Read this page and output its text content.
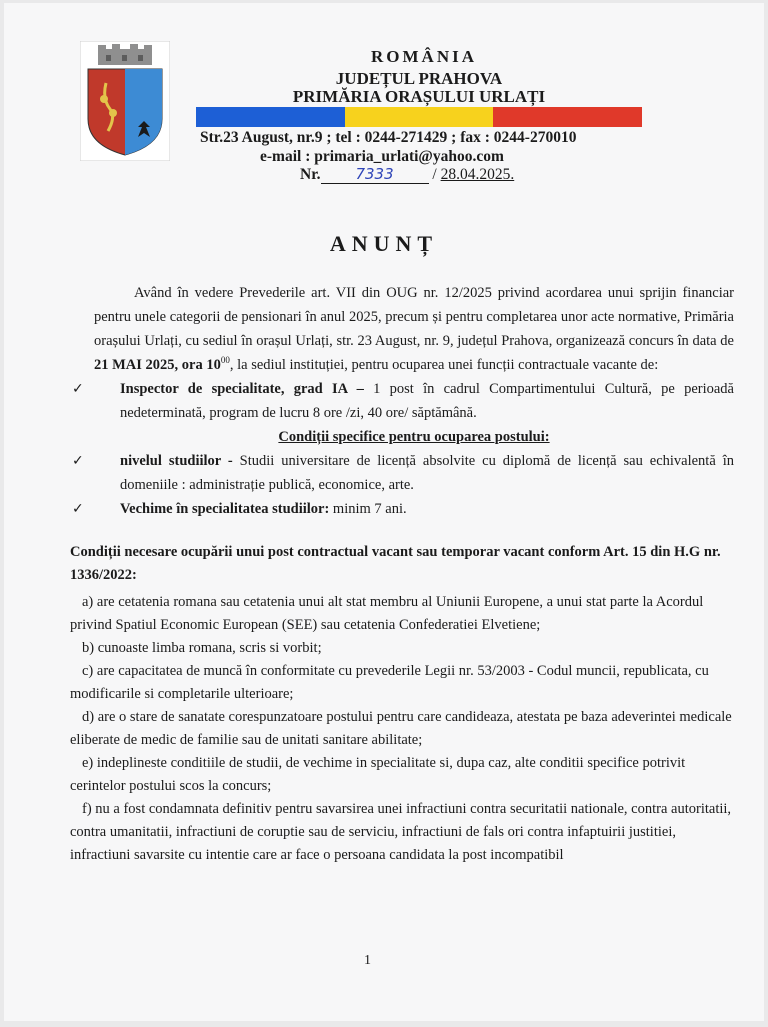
ROMÂNIA
JUDEȚUL PRAHOVA
PRIMĂRIA ORAȘULUI URLAȚI
Str.23 August, nr.9 ; tel : 0244-271429 ; fax : 0244-270010
e-mail : primaria_urlati@yahoo.com
Nr. 7333 / 28.04.2025.
ANUNȚ

Având în vedere Prevederile art. VII din OUG nr. 12/2025 privind acordarea unui sprijin financiar pentru unele categorii de pensionari în anul 2025, precum și pentru completarea unor acte normative, Primăria orașului Urlați, cu sediul în orașul Urlați, str. 23 August, nr. 9, județul Prahova, organizează concurs în data de 21 MAI 2025, ora $10^{00}$, la sediul instituției, pentru ocuparea unei funcții contractuale vacante de:

✓	Inspector de specialitate, grad IA – 1 post în cadrul Compartimentului Cultură, pe perioadă nedeterminată, program de lucru 8 ore /zi, 40 ore/ săptămână.

Condiții specifice pentru ocuparea postului:

✓	nivelul studiilor - Studii universitare de licență absolvite cu diplomă de licență sau echivalentă în domeniile : administrație publică, economice, arte.

✓	Vechime în specialitatea studiilor: minim 7 ani.

Condiții necesare ocupării unui post contractual vacant sau temporar vacant conform Art. 15 din H.G nr. 1336/2022:

a) are cetatenia romana sau cetatenia unui alt stat membru al Uniunii Europene, a unui stat parte la Acordul privind Spatiul Economic European (SEE) sau cetatenia Confederatiei Elvetiene;

b) cunoaste limba romana, scris si vorbit;

c) are capacitatea de muncă în conformitate cu prevederile Legii nr. 53/2003 - Codul muncii, republicata, cu modificarile si completarile ulterioare;

d) are o stare de sanatate corespunzatoare postului pentru care candideaza, atestata pe baza adeverintei medicale eliberate de medic de familie sau de unitati sanitare abilitate;

e) indeplineste conditiile de studii, de vechime in specialitate si, dupa caz, alte conditii specifice potrivit cerintelor postului scos la concurs;

f) nu a fost condamnata definitiv pentru savarsirea unei infractiuni contra securitatii nationale, contra autoritatii, contra umanitatii, infractiuni de coruptie sau de serviciu, infractiuni de fals ori contra infaptuirii justitiei, infractiuni savarsite cu intentie care ar face o persoana candidata la post incompatibil

1
